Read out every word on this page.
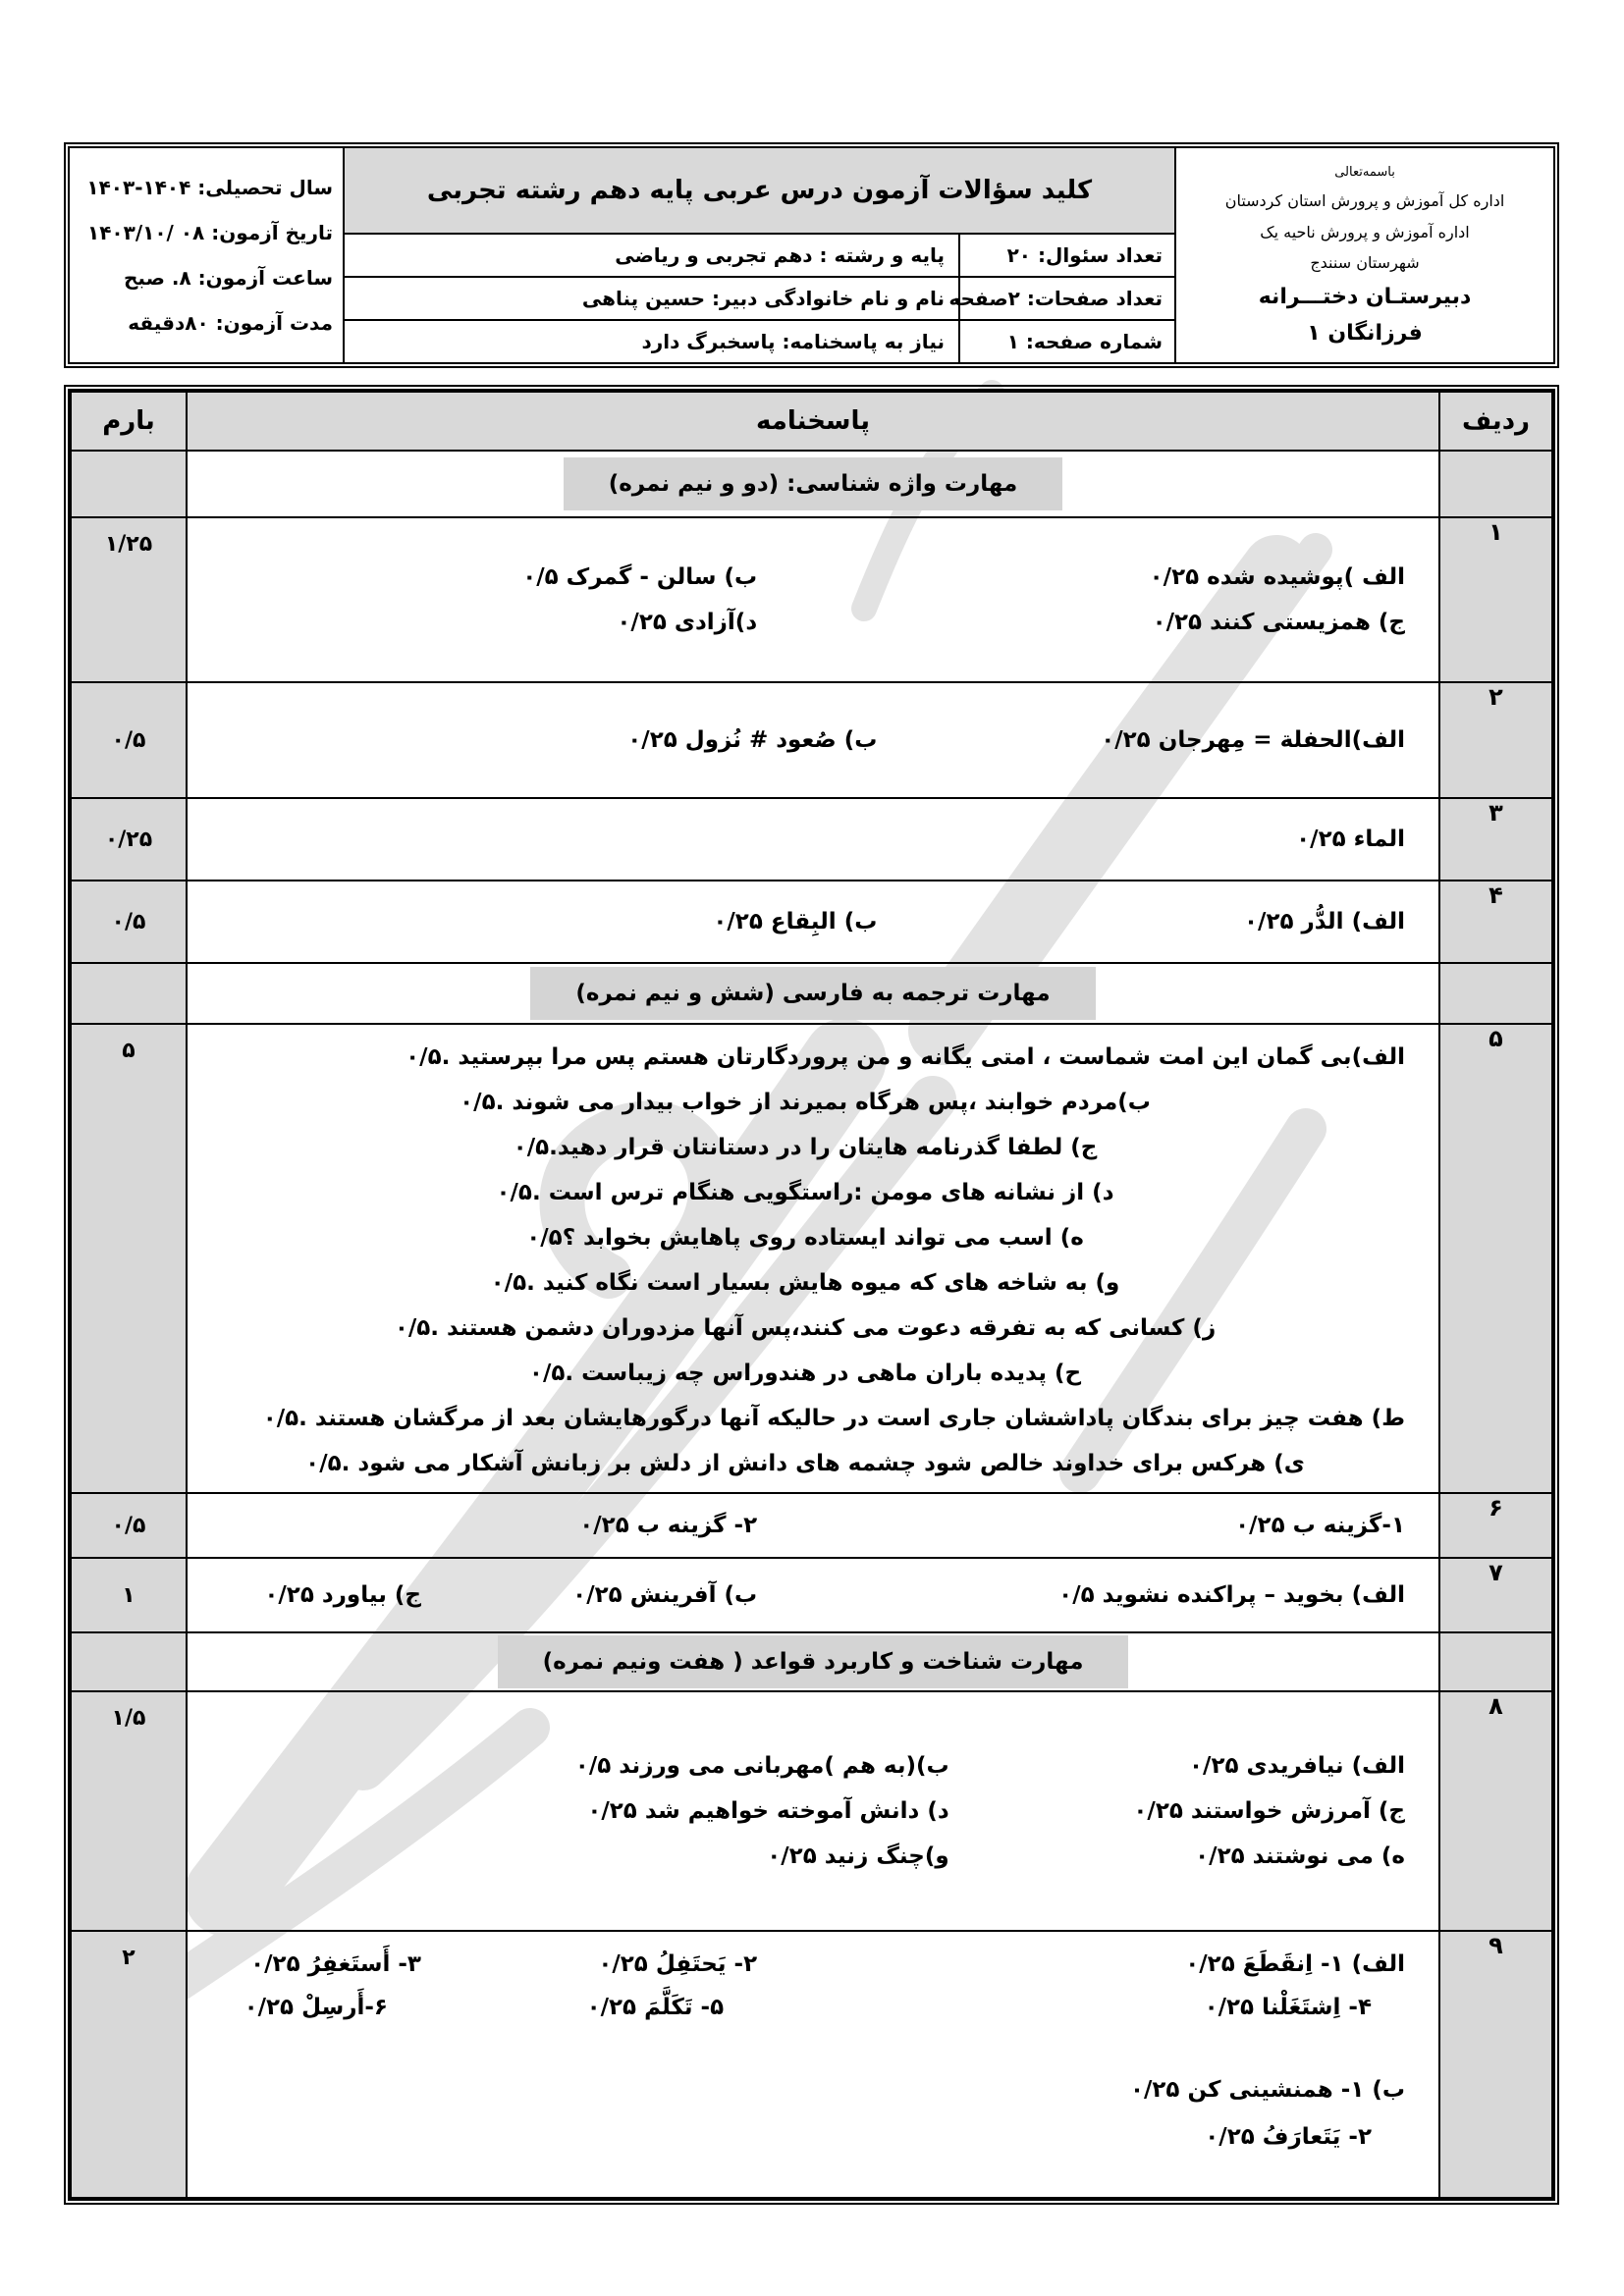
باسمه‌تعالی
اداره کل آموزش و پرورش استان کردستان
اداره آموزش و پرورش ناحیه یک
شهرستان سنندج
دبیرستـان دختـــرانه
فرزانگان ۱
کلید سؤالات آزمون درس عربی پایه دهم رشته تجربی
تعداد سئوال: ۲۰
پایه و رشته : دهم تجربی و ریاضی
تعداد صفحات: ۲صفحه
نام و نام خانوادگی دبیر: حسین پناهی
شماره صفحه: ۱
نیاز به پاسخنامه: پاسخبرگ دارد
سال تحصیلی: ۱۴۰۴-۱۴۰۳
تاریخ آزمون: ۰۸ /۱۴۰۳/۱۰
ساعت آزمون: ۸. صبح
مدت آزمون: ۸۰دقیقه
ردیف	پاسخنامه	بارم
	مهارت واژه شناسی: (دو و نیم نمره)	
۱	الف )پوشیده شده ۰/۲۵
ب) سالن - گمرک ۰/۵
ج) همزیستی کنند ۰/۲۵
د)آزادی ۰/۲۵	۱/۲۵
۲	الف)الحفلة = مِهرجان ۰/۲۵
ب) صُعود # نُزول ۰/۲۵	۰/۵
۳	الماء ۰/۲۵	۰/۲۵
۴	الف) الدُّر ۰/۲۵
ب) البِقاع ۰/۲۵	۰/۵
	مهارت ترجمه به فارسی (شش و نیم نمره)	
۵	
الف)بی گمان این امت شماست ، امتی یگانه و من پروردگارتان هستم پس مرا بپرستید .۰/۵
ب)مردم خوابند ،پس هرگاه بمیرند از خواب بیدار می شوند .۰/۵
ج) لطفا گذرنامه هایتان را در دستانتان قرار دهید.۰/۵
د) از نشانه های مومن :راستگویی هنگام ترس است .۰/۵
ه) اسب می تواند ایستاده روی پاهایش بخوابد ؟۰/۵
و) به شاخه های که میوه هایش بسیار است نگاه کنید .۰/۵
ز) کسانی که به تفرقه دعوت می کنند،پس آنها مزدوران دشمن هستند .۰/۵
ح) پدیده باران ماهی در هندوراس چه زیباست .۰/۵
ط) هفت چیز برای بندگان پاداششان جاری است در حالیکه آنها درگورهایشان بعد از مرگشان هستند .۰/۵
ی) هرکس برای خداوند خالص شود چشمه های دانش از دلش بر زبانش آشکار می شود .۰/۵
	۵
۶	۱-گزینه ب ۰/۲۵
۲- گزینه ب ۰/۲۵	۰/۵
۷	الف) بخوید – پراکنده نشوید ۰/۵
ب) آفرینش ۰/۲۵
ج) بیاورد ۰/۲۵	۱
	مهارت شناخت و کاربرد قواعد ( هفت ونیم نمره)	
۸	
الف) نیافریدی ۰/۲۵
ب)(به هم )مهربانی می ورزند ۰/۵
ج) آمرزش خواستند ۰/۲۵
د) دانش آموخته خواهیم شد ۰/۲۵
ه) می نوشتند ۰/۲۵
و)چنگ زنید ۰/۲۵
	۱/۵
۹	
الف) ۱- اِنقَطَعَ ۰/۲۵
۲- یَحتَفِلُ ۰/۲۵
۳- أَستَغفِرُ ۰/۲۵
۴- اِشتَغَلْنا ۰/۲۵
۵- تَكَلَّمَ ۰/۲۵
۶-أَرسِلْ ۰/۲۵
ب) ۱- همنشینی کن ۰/۲۵
۲- یَتَعارَفُ ۰/۲۵
	۲
